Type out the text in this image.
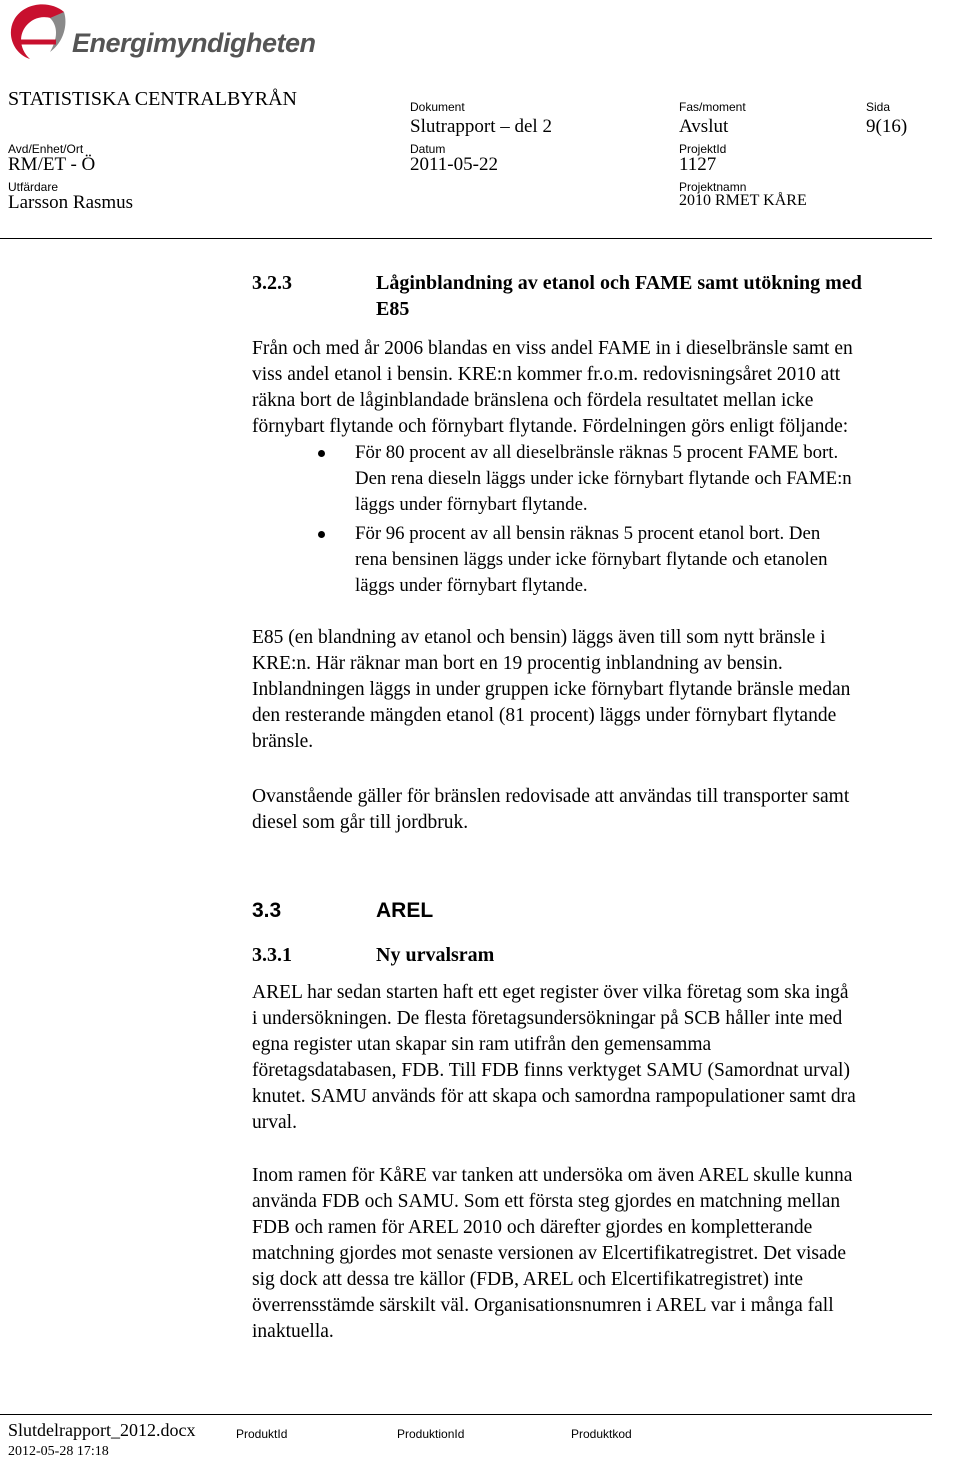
Energimyndigheten
STATISTISKA CENTRALBYRÅN
Avd/Enhet/Ort
RM/ET - Ö
Utfärdare
Larsson Rasmus
Dokument
Slutrapport – del 2
Datum
2011-05-22
Fas/moment
Avslut
ProjektId
1127
Projektnamn
2010 RMET KÅRE
Sida
9(16)
3.2.3	Låginblandning av etanol och FAME samt utökning med
E85
Från och med år 2006 blandas en viss andel FAME in i dieselbränsle samt en
viss andel etanol i bensin. KRE:n kommer fr.o.m. redovisningsåret 2010 att
räkna bort de låginblandade bränslena och fördela resultatet mellan icke
förnybart flytande och förnybart flytande. Fördelningen görs enligt följande:
För 80 procent av all dieselbränsle räknas 5 procent FAME bort.
Den rena dieseln läggs under icke förnybart flytande och FAME:n
läggs under förnybart flytande.
För 96 procent av all bensin räknas 5 procent etanol bort. Den
rena bensinen läggs under icke förnybart flytande och etanolen
läggs under förnybart flytande.
E85 (en blandning av etanol och bensin) läggs även till som nytt bränsle i
KRE:n. Här räknar man bort en 19 procentig inblandning av bensin.
Inblandningen läggs in under gruppen icke förnybart flytande bränsle medan
den resterande mängden etanol (81 procent) läggs under förnybart flytande
bränsle.
Ovanstående gäller för bränslen redovisade att användas till transporter samt
diesel som går till jordbruk.
3.3	AREL
3.3.1	Ny urvalsram
AREL har sedan starten haft ett eget register över vilka företag som ska ingå
i undersökningen. De flesta företagsundersökningar på SCB håller inte med
egna register utan skapar sin ram utifrån den gemensamma
företagsdatabasen, FDB. Till FDB finns verktyget SAMU (Samordnat urval)
knutet. SAMU används för att skapa och samordna rampopulationer samt dra
urval.
Inom ramen för KåRE var tanken att undersöka om även AREL skulle kunna
använda FDB och SAMU. Som ett första steg gjordes en matchning mellan
FDB och ramen för AREL 2010 och därefter gjordes en kompletterande
matchning gjordes mot senaste versionen av Elcertifikatregistret. Det visade
sig dock att dessa tre källor (FDB, AREL och Elcertifikatregistret) inte
överrensstämde särskilt väl. Organisationsnumren i AREL var i många fall
inaktuella.
Slutdelrapport_2012.docx
2012-05-28 17:18
ProduktId	ProduktionId	Produktkod
